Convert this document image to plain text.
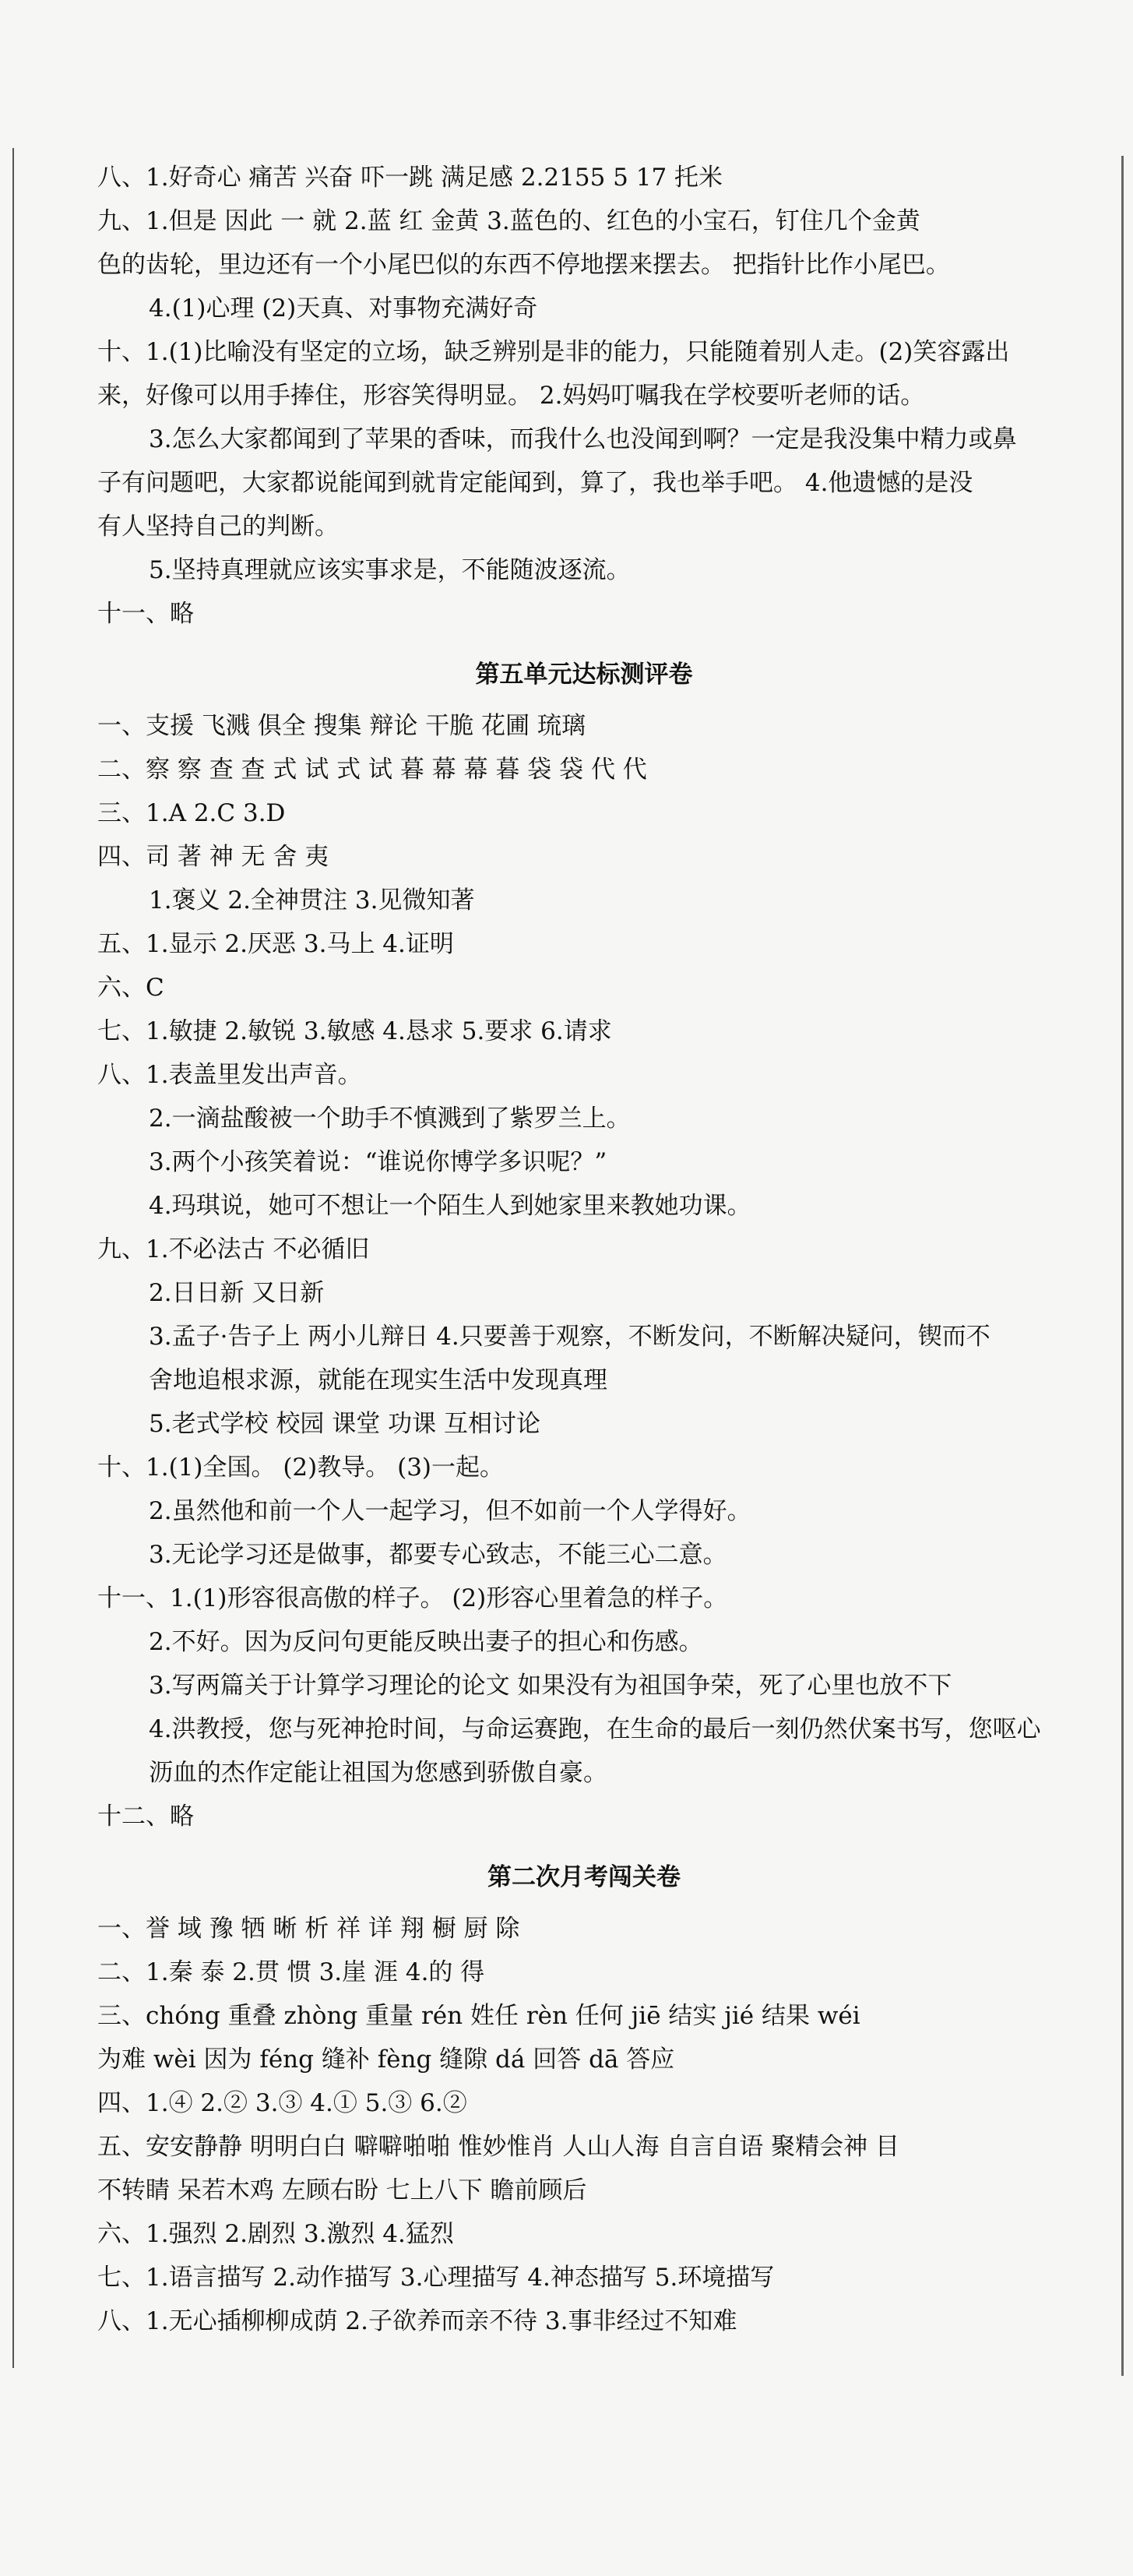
八、1.好奇心 痛苦 兴奋 吓一跳 满足感 2.2155 5 17 托米
九、1.但是 因此 一 就 2.蓝 红 金黄 3.蓝色的、红色的小宝石，钉住几个金黄
色的齿轮，里边还有一个小尾巴似的东西不停地摆来摆去。 把指针比作小尾巴。
4.(1)心理 (2)天真、对事物充满好奇
十、1.(1)比喻没有坚定的立场，缺乏辨别是非的能力，只能随着别人走。(2)笑容露出
来，好像可以用手捧住，形容笑得明显。 2.妈妈叮嘱我在学校要听老师的话。
3.怎么大家都闻到了苹果的香味，而我什么也没闻到啊？一定是我没集中精力或鼻
子有问题吧，大家都说能闻到就肯定能闻到，算了，我也举手吧。 4.他遗憾的是没
有人坚持自己的判断。
5.坚持真理就应该实事求是，不能随波逐流。
十一、略
第五单元达标测评卷
一、支援 飞溅 俱全 搜集 辩论 干脆 花圃 琉璃
二、察 察 查 查 式 试 式 试 暮 幕 幕 暮 袋 袋 代 代
三、1.A 2.C 3.D
四、司 著 神 无 舍 夷
1.褒义 2.全神贯注 3.见微知著
五、1.显示 2.厌恶 3.马上 4.证明
六、C
七、1.敏捷 2.敏锐 3.敏感 4.恳求 5.要求 6.请求
八、1.表盖里发出声音。
2.一滴盐酸被一个助手不慎溅到了紫罗兰上。
3.两个小孩笑着说：“谁说你博学多识呢？”
4.玛琪说，她可不想让一个陌生人到她家里来教她功课。
九、1.不必法古 不必循旧
2.日日新 又日新
3.孟子·告子上 两小儿辩日 4.只要善于观察，不断发问，不断解决疑问，锲而不
舍地追根求源，就能在现实生活中发现真理
5.老式学校 校园 课堂 功课 互相讨论
十、1.(1)全国。 (2)教导。 (3)一起。
2.虽然他和前一个人一起学习，但不如前一个人学得好。
3.无论学习还是做事，都要专心致志，不能三心二意。
十一、1.(1)形容很高傲的样子。 (2)形容心里着急的样子。
2.不好。因为反问句更能反映出妻子的担心和伤感。
3.写两篇关于计算学习理论的论文 如果没有为祖国争荣，死了心里也放不下
4.洪教授，您与死神抢时间，与命运赛跑，在生命的最后一刻仍然伏案书写，您呕心
沥血的杰作定能让祖国为您感到骄傲自豪。
十二、略
第二次月考闯关卷
一、誉 域 豫 牺 晰 析 祥 详 翔 橱 厨 除
二、1.秦 泰 2.贯 惯 3.崖 涯 4.的 得
三、chóng 重叠 zhòng 重量 rén 姓任 rèn 任何 jiē 结实 jié 结果 wéi
为难 wèi 因为 féng 缝补 fèng 缝隙 dá 回答 dā 答应
四、1.④ 2.② 3.③ 4.① 5.③ 6.②
五、安安静静 明明白白 噼噼啪啪 惟妙惟肖 人山人海 自言自语 聚精会神 目
不转睛 呆若木鸡 左顾右盼 七上八下 瞻前顾后
六、1.强烈 2.剧烈 3.激烈 4.猛烈
七、1.语言描写 2.动作描写 3.心理描写 4.神态描写 5.环境描写
八、1.无心插柳柳成荫 2.子欲养而亲不待 3.事非经过不知难
